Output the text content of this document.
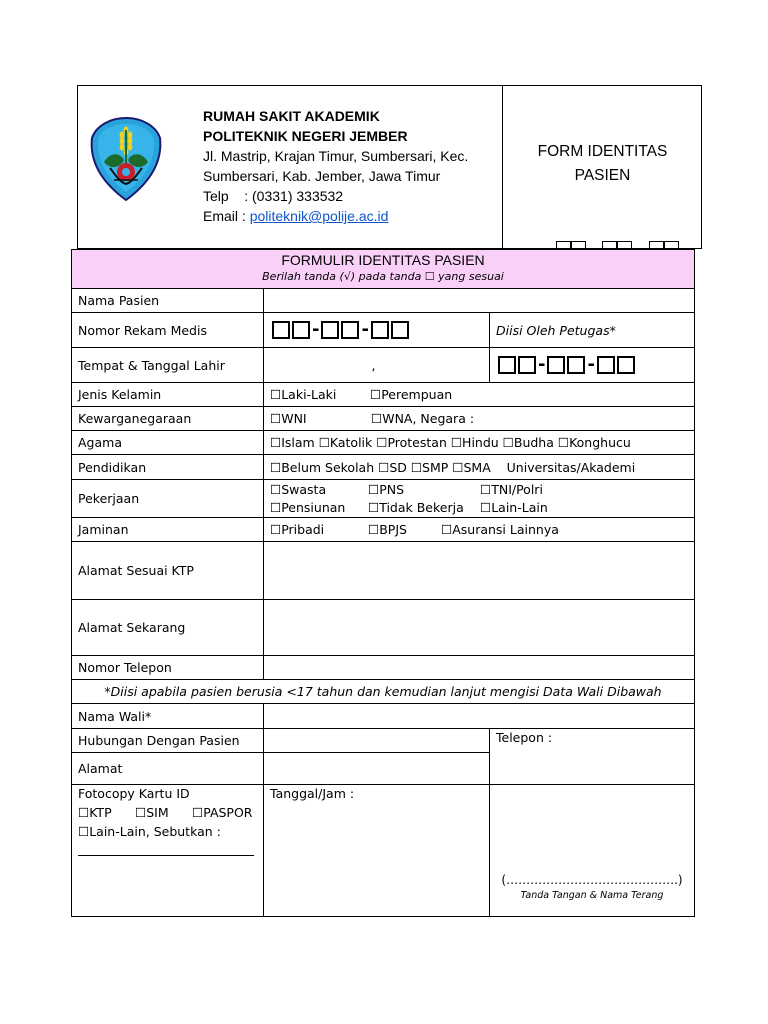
RUMAH SAKIT AKADEMIK
POLITEKNIK NEGERI JEMBER
Jl. Mastrip, Krajan Timur, Sumbersari, Kec.
Sumbersari, Kab. Jember, Jawa Timur
Telp    : (0331) 333532
Email : politeknik@polije.ac.id
FORM IDENTITAS
PASIEN
FORMULIR IDENTITAS PASIEN
Berilah tanda (√) pada tanda ☐ yang sesuai
Nama Pasien
Nomor Rekam Medis	- -	Diisi Oleh Petugas*
Tempat & Tanggal Lahir	,	- -
Jenis Kelamin	☐Laki-Laki	☐Perempuan
Kewarganegaraan	☐WNI	☐WNA, Negara :
Agama	☐Islam ☐Katolik ☐Protestan ☐Hindu ☐Budha ☐Konghucu
Pendidikan	☐Belum Sekolah ☐SD ☐SMP ☐SMA    Universitas/Akademi
Pekerjaan
☐Swasta	☐PNS	☐TNI/Polri
☐Pensiunan ☐Tidak Bekerja ☐Lain-Lain
Jaminan	☐Pribadi	☐BPJS	☐Asuransi Lainnya
Alamat Sesuai KTP
Alamat Sekarang
Nomor Telepon
*Diisi apabila pasien berusia <17 tahun dan kemudian lanjut mengisi Data Wali Dibawah
Nama Wali*
Hubungan Dengan Pasien
Alamat
Telepon :
Fotocopy Kartu ID
☐KTP ☐SIM ☐PASPOR
☐Lain-Lain, Sebutkan :
Tanggal/Jam :
(…………………………………….)
Tanda Tangan & Nama Terang
